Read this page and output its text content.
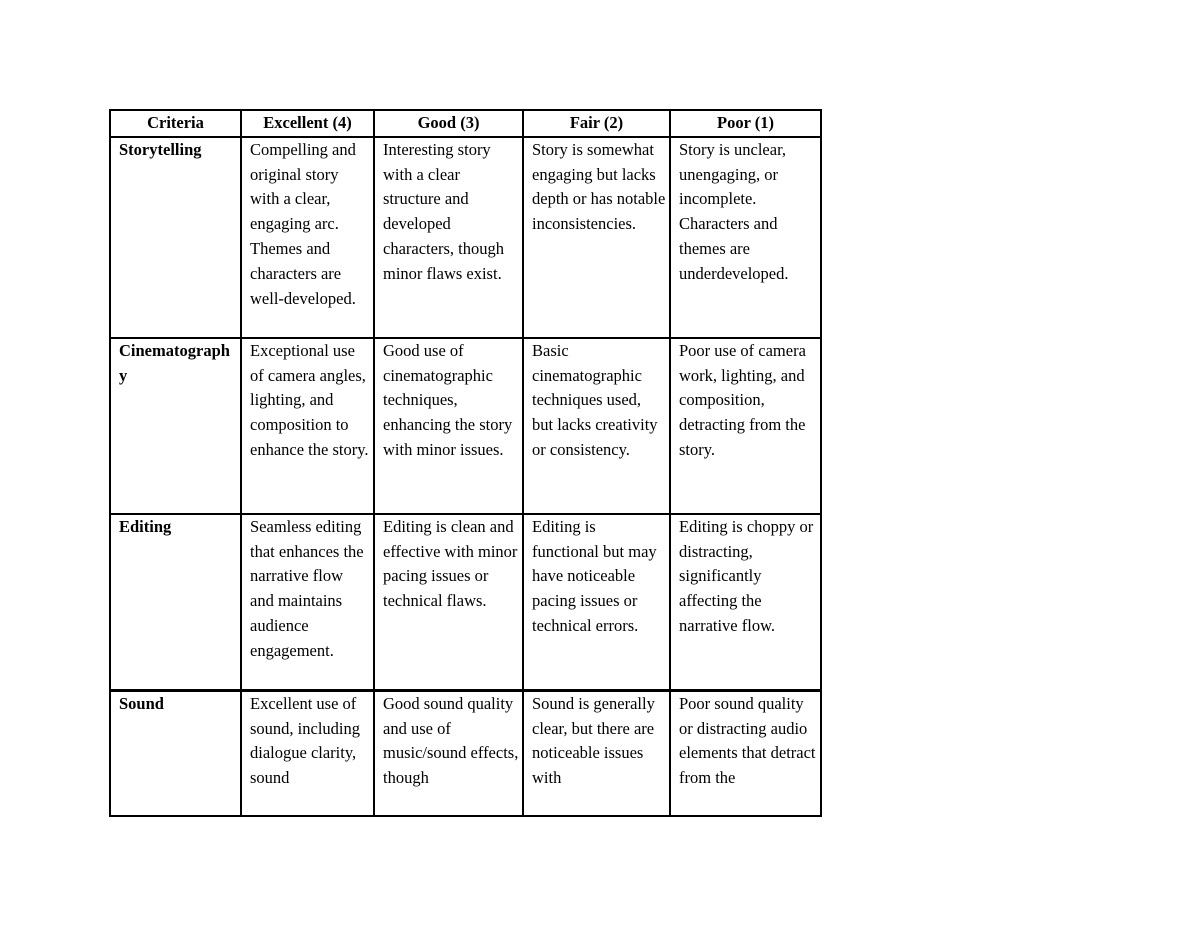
Criteria	Excellent (4)	Good (3)	Fair (2)	Poor (1)
Storytelling	Compelling and original story with a clear, engaging arc. Themes and characters are well-developed.	Interesting story with a clear structure and developed characters, though minor flaws exist.	Story is somewhat engaging but lacks depth or has notable inconsistencies.	Story is unclear, unengaging, or incomplete. Characters and themes are underdeveloped.
Cinematography	Exceptional use of camera angles, lighting, and composition to enhance the story.	Good use of cinematographic techniques, enhancing the story with minor issues.	Basic cinematographic techniques used, but lacks creativity or consistency.	Poor use of camera work, lighting, and composition, detracting from the story.
Editing	Seamless editing that enhances the narrative flow and maintains audience engagement.	Editing is clean and effective with minor pacing issues or technical flaws.	Editing is functional but may have noticeable pacing issues or technical errors.	Editing is choppy or distracting, significantly affecting the narrative flow.

Sound	Excellent use of sound, including dialogue clarity, sound	Good sound quality and use of music/sound effects, though	Sound is generally clear, but there are noticeable issues with	Poor sound quality or distracting audio elements that detract from the
